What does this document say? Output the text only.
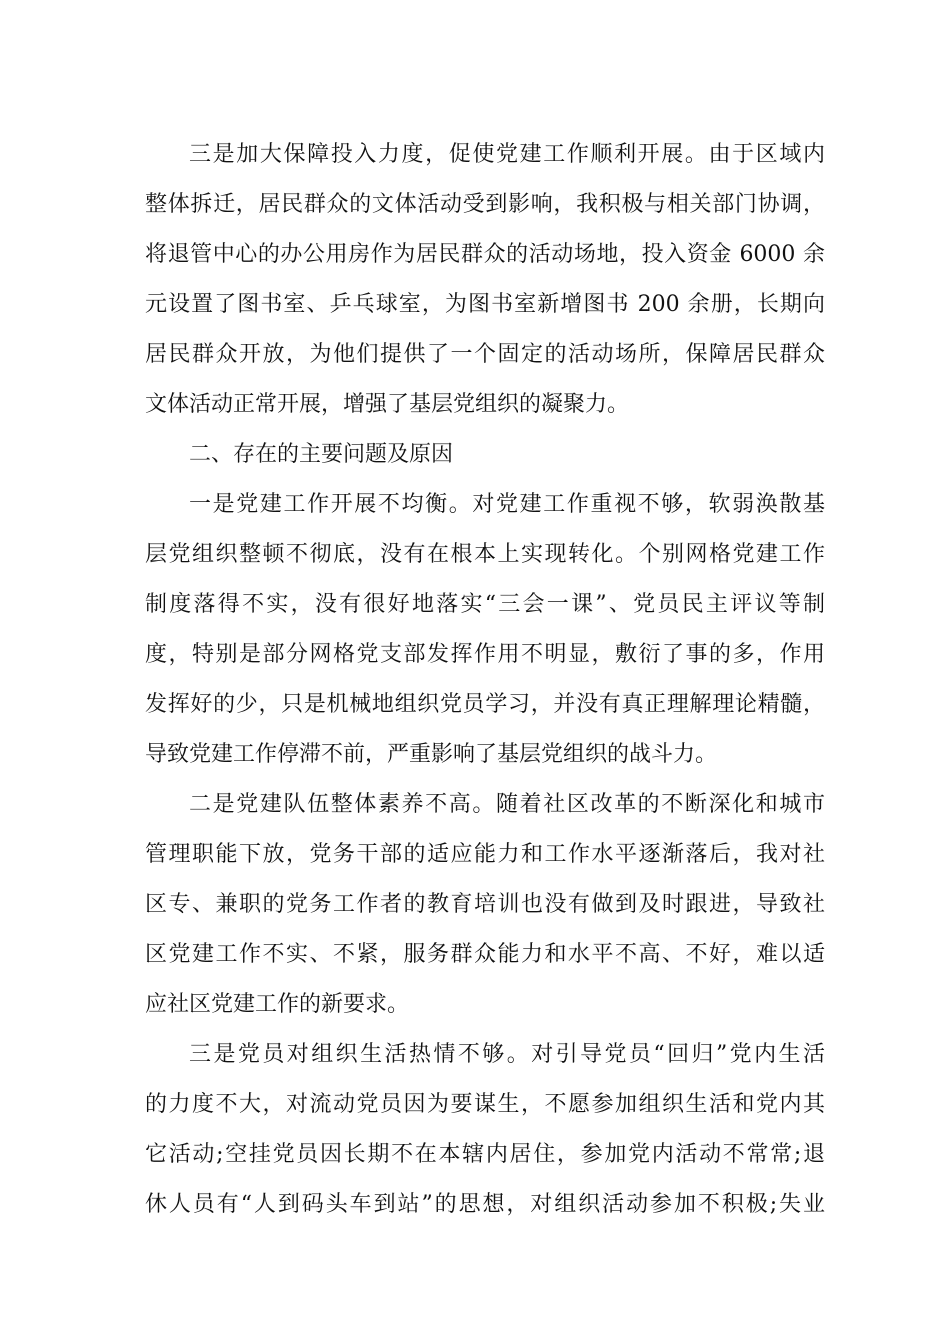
三是加大保障投入力度，促使党建工作顺利开展。由于区域内
整体拆迁，居民群众的文体活动受到影响，我积极与相关部门协调，
将退管中心的办公用房作为居民群众的活动场地，投入资金 6000 余
元设置了图书室、乒乓球室，为图书室新增图书 200 余册，长期向
居民群众开放，为他们提供了一个固定的活动场所，保障居民群众
文体活动正常开展，增强了基层党组织的凝聚力。
二、存在的主要问题及原因
一是党建工作开展不均衡。对党建工作重视不够，软弱涣散基
层党组织整顿不彻底，没有在根本上实现转化。个别网格党建工作
制度落得不实，没有很好地落实“三会一课”、党员民主评议等制
度，特别是部分网格党支部发挥作用不明显，敷衍了事的多，作用
发挥好的少，只是机械地组织党员学习，并没有真正理解理论精髓，
导致党建工作停滞不前，严重影响了基层党组织的战斗力。
二是党建队伍整体素养不高。随着社区改革的不断深化和城市
管理职能下放，党务干部的适应能力和工作水平逐渐落后，我对社
区专、兼职的党务工作者的教育培训也没有做到及时跟进，导致社
区党建工作不实、不紧，服务群众能力和水平不高、不好，难以适
应社区党建工作的新要求。
三是党员对组织生活热情不够。对引导党员“回归”党内生活
的力度不大，对流动党员因为要谋生，不愿参加组织生活和党内其
它活动;空挂党员因长期不在本辖内居住，参加党内活动不常常;退
休人员有“人到码头车到站”的思想，对组织活动参加不积极;失业
